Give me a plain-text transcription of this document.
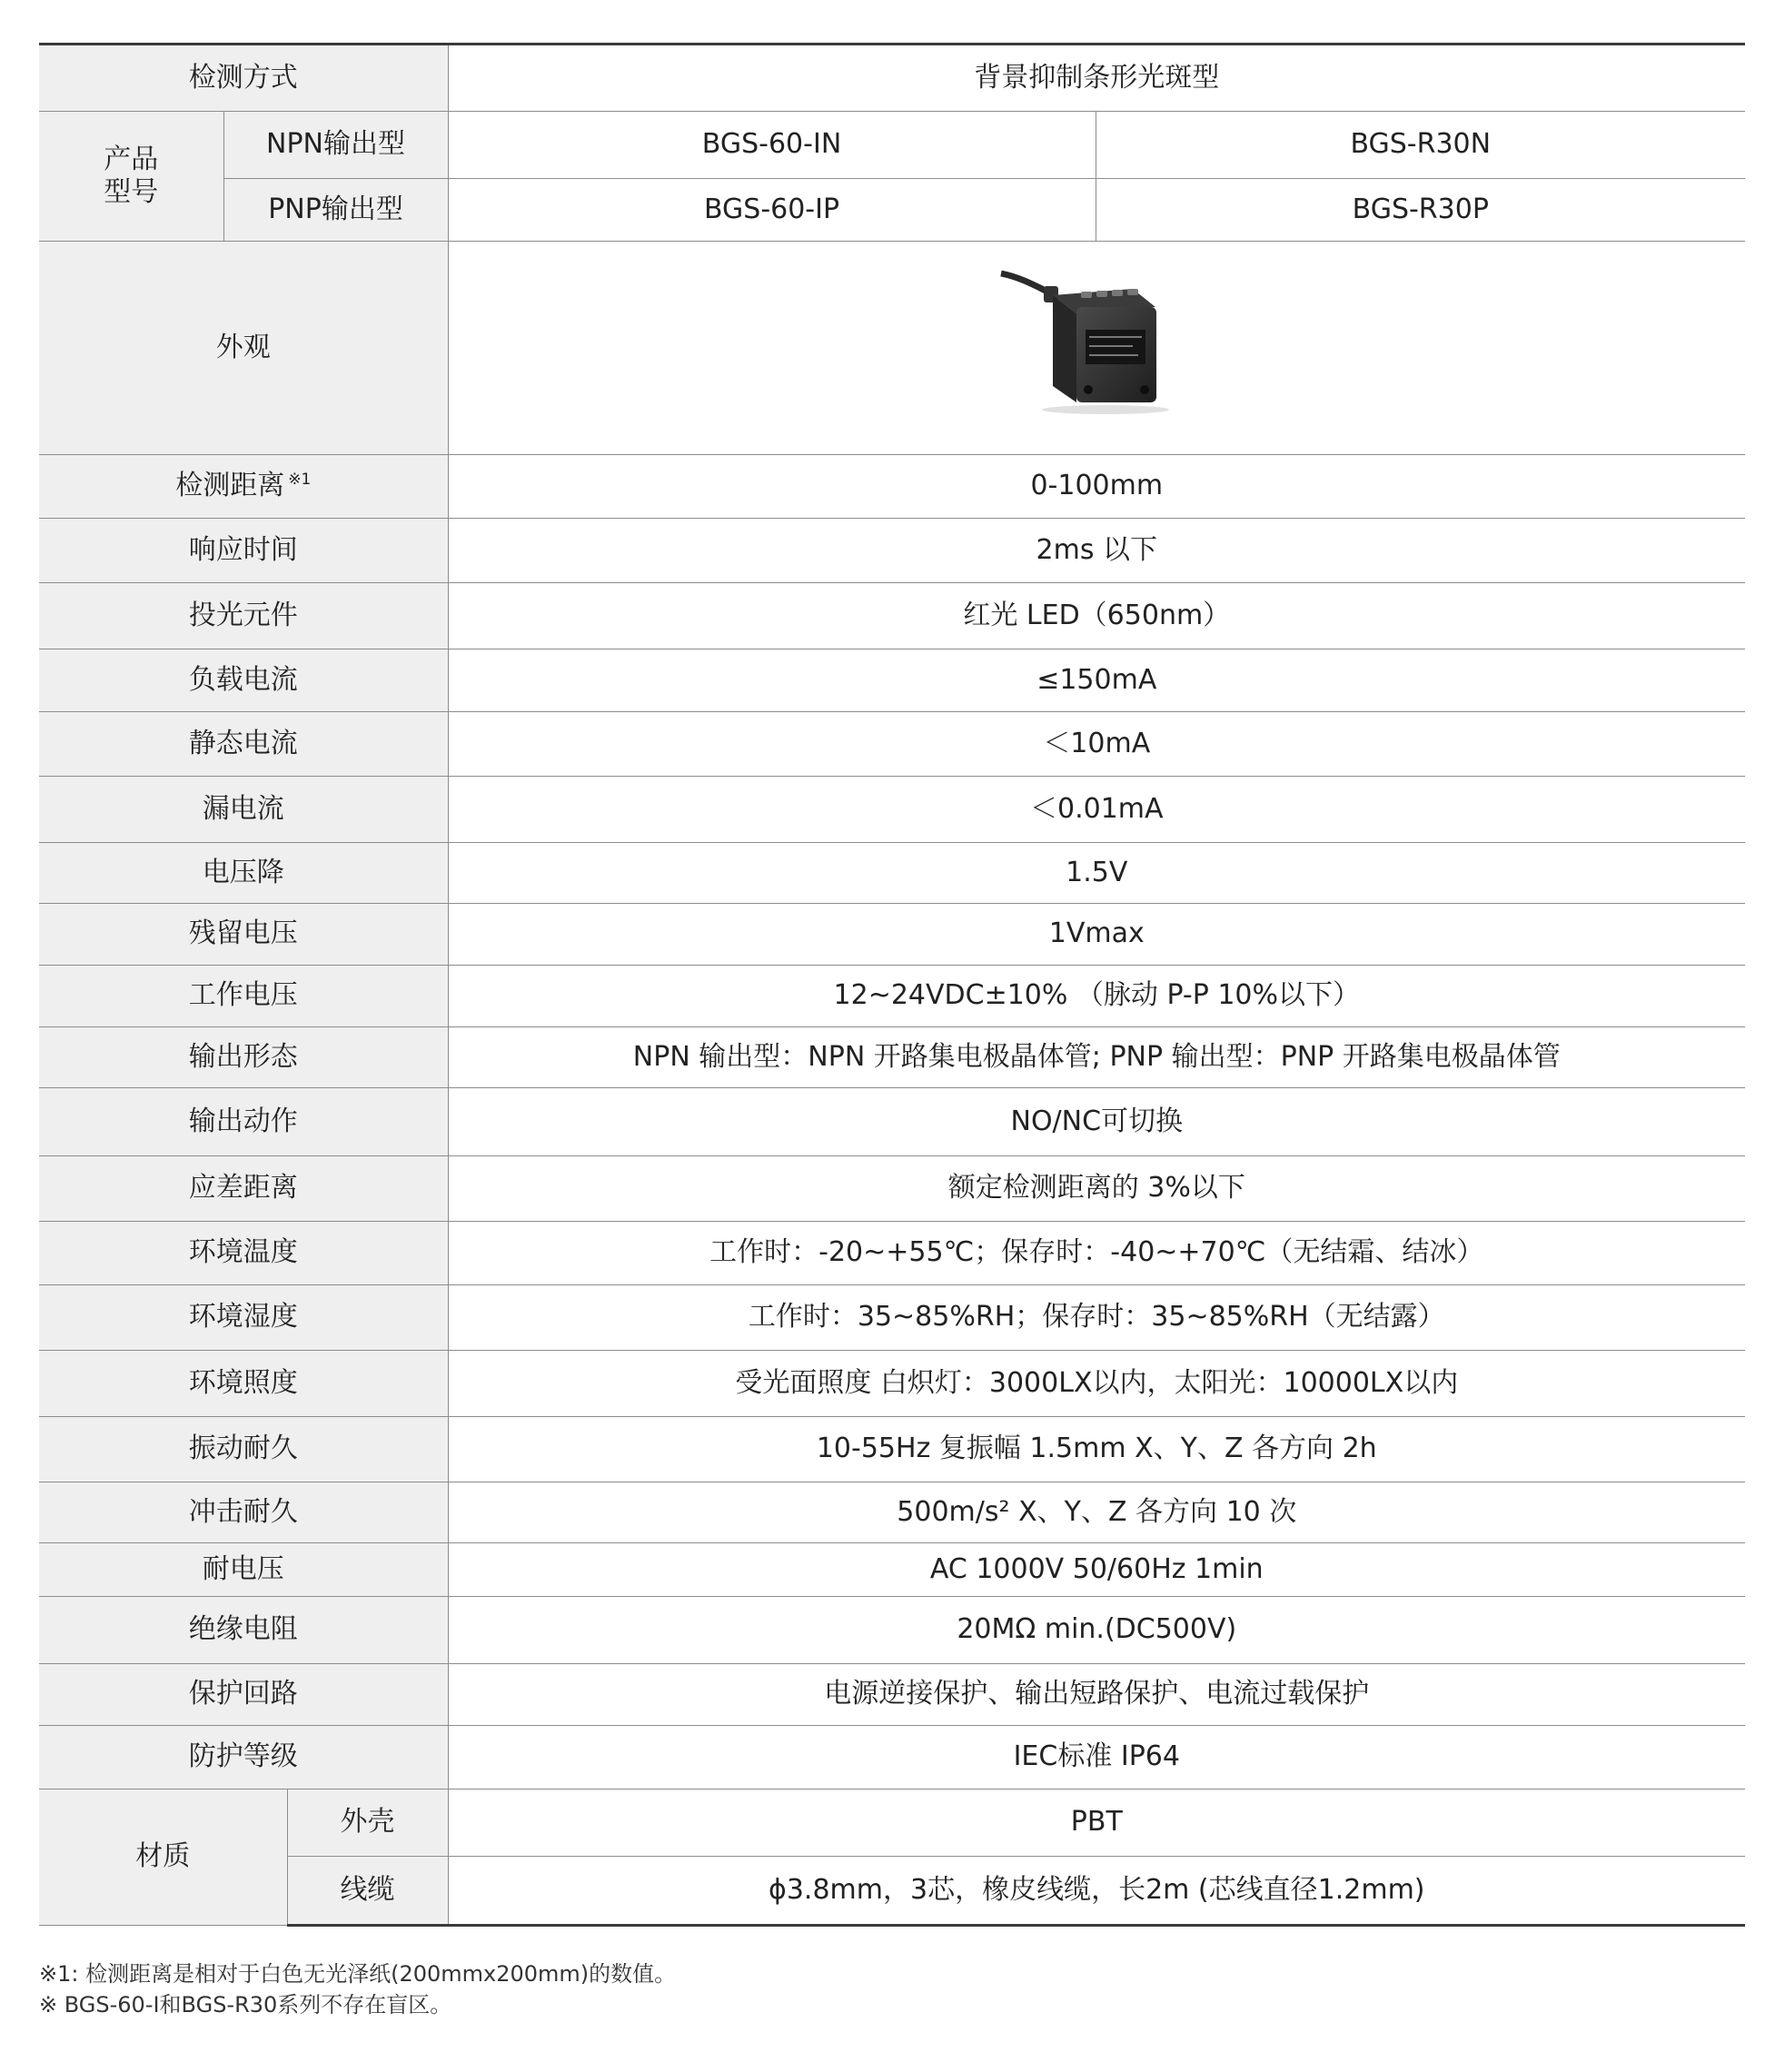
检测方式			背景抑制条形光斑型	
产品型号	NPN输出型		BGS-60-IN	BGS-R30N
	PNP输出型		BGS-60-IP	BGS-R30P
外观	

检测距离 $^{※1}$			0-100mm	
响应时间			2ms 以下	
投光元件			红光 LED（650nm）	
负载电流			≤150mA	
静态电流			＜10mA	
漏电流			＜0.01mA	
电压降			1.5V	
残留电压			1Vmax	
工作电压			12~24VDC±10% （脉动 P-P 10%以下）	
输出形态			NPN 输出型：NPN 开路集电极晶体管; PNP 输出型：PNP 开路集电极晶体管	
输出动作			NO/NC可切换	
应差距离			额定检测距离的 3%以下	
环境温度			工作时：-20~+55℃；保存时：-40~+70℃（无结霜、结冰）	
环境湿度			工作时：35~85%RH；保存时：35~85%RH（无结露）	
环境照度			受光面照度 白炽灯：3000LX以内，太阳光：10000LX以内	
振动耐久			10-55Hz 复振幅 1.5mm X、Y、Z 各方向 2h	
冲击耐久			500m/s² X、Y、Z 各方向 10 次	
耐电压			AC 1000V 50/60Hz 1min	
绝缘电阻			20MΩ min.(DC500V)	
保护回路			电源逆接保护、输出短路保护、电流过载保护	
防护等级			IEC标准 IP64	
材质		外壳	PBT	
		线缆	ϕ3.8mm，3芯，橡皮线缆，长2m (芯线直径1.2mm)	
※1: 检测距离是相对于白色无光泽纸(200mmx200mm)的数值。
※ BGS-60-I和BGS-R30系列不存在盲区。
